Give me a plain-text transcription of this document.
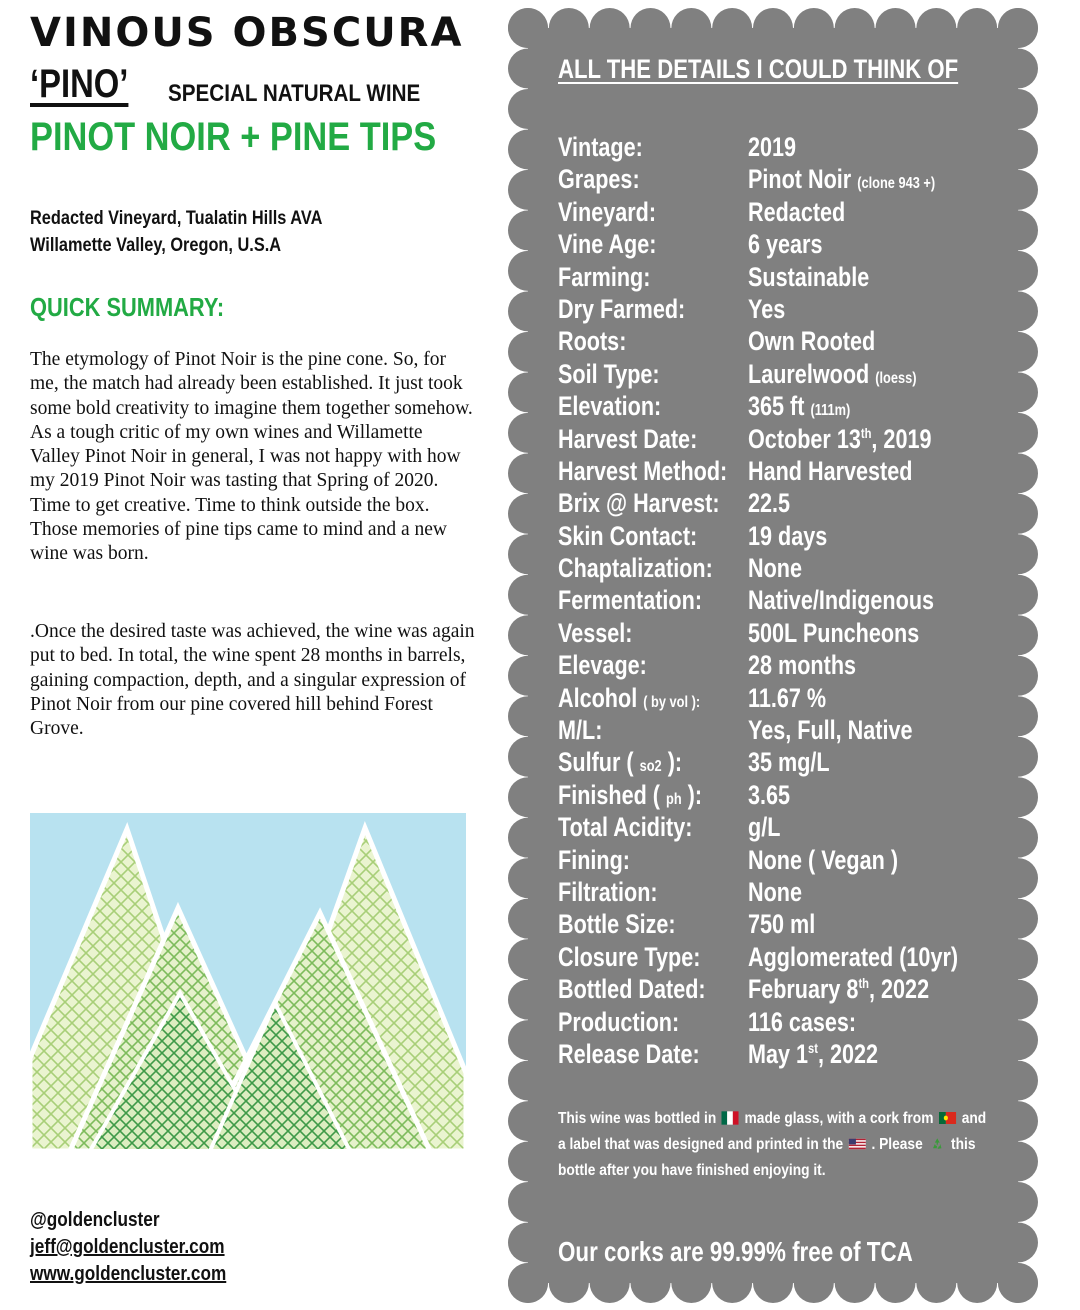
VINOUS OBSCURA
‘PINO’ SPECIAL NATURAL WINE
PINOT NOIR + PINE TIPS
Redacted Vineyard, Tualatin Hills AVA
Willamette Valley, Oregon, U.S.A
QUICK SUMMARY:
The etymology of Pinot Noir is the pine cone. So, for me, the match had already been established. It just took some bold creativity to imagine them together somehow. As a tough critic of my own wines and Willamette Valley Pinot Noir in general, I was not happy with how my 2019 Pinot Noir was tasting that Spring of 2020. Time to get creative. Time to think outside the box. Those memories of pine tips came to mind and a new wine was born.
.Once the desired taste was achieved, the wine was again put to bed. In total, the wine spent 28 months in barrels, gaining compaction, depth, and a singular expression of Pinot Noir from our pine covered hill behind Forest Grove.
@goldencluster
jeff@goldencluster.com
www.goldencluster.com
ALL THE DETAILS I COULD THINK OF
Vintage:	2019
Grapes:	Pinot Noir (clone 943 +)
Vineyard:	Redacted
Vine Age:	6 years
Farming:	Sustainable
Dry Farmed: Yes
Roots:	Own Rooted
Soil Type:	Laurelwood (loess)
Elevation:	365 ft (111m)
Harvest Date: October 13th, 2019
Harvest Method: Hand Harvested
Brix @ Harvest: 22.5
Skin Contact: 19 days
Chaptalization: None
Fermentation: Native/Indigenous
Vessel:	500L Puncheons
Elevage:	28 months
Alcohol ( by vol ): 11.67 %
M/L:	Yes, Full, Native
Sulfur ( so2 ): 35 mg/L
Finished ( ph ): 3.65
Total Acidity: g/L
Fining:	None ( Vegan )
Filtration:	None
Bottle Size:	750 ml
Closure Type: Agglomerated (10yr)
Bottled Dated: February 8th, 2022
Production:	116 cases:
Release Date: May 1st, 2022
This wine was bottled in made glass, with a cork from and a label that was designed and printed in the . Please this bottle after you have finished enjoying it.
Our corks are 99.99% free of TCA
